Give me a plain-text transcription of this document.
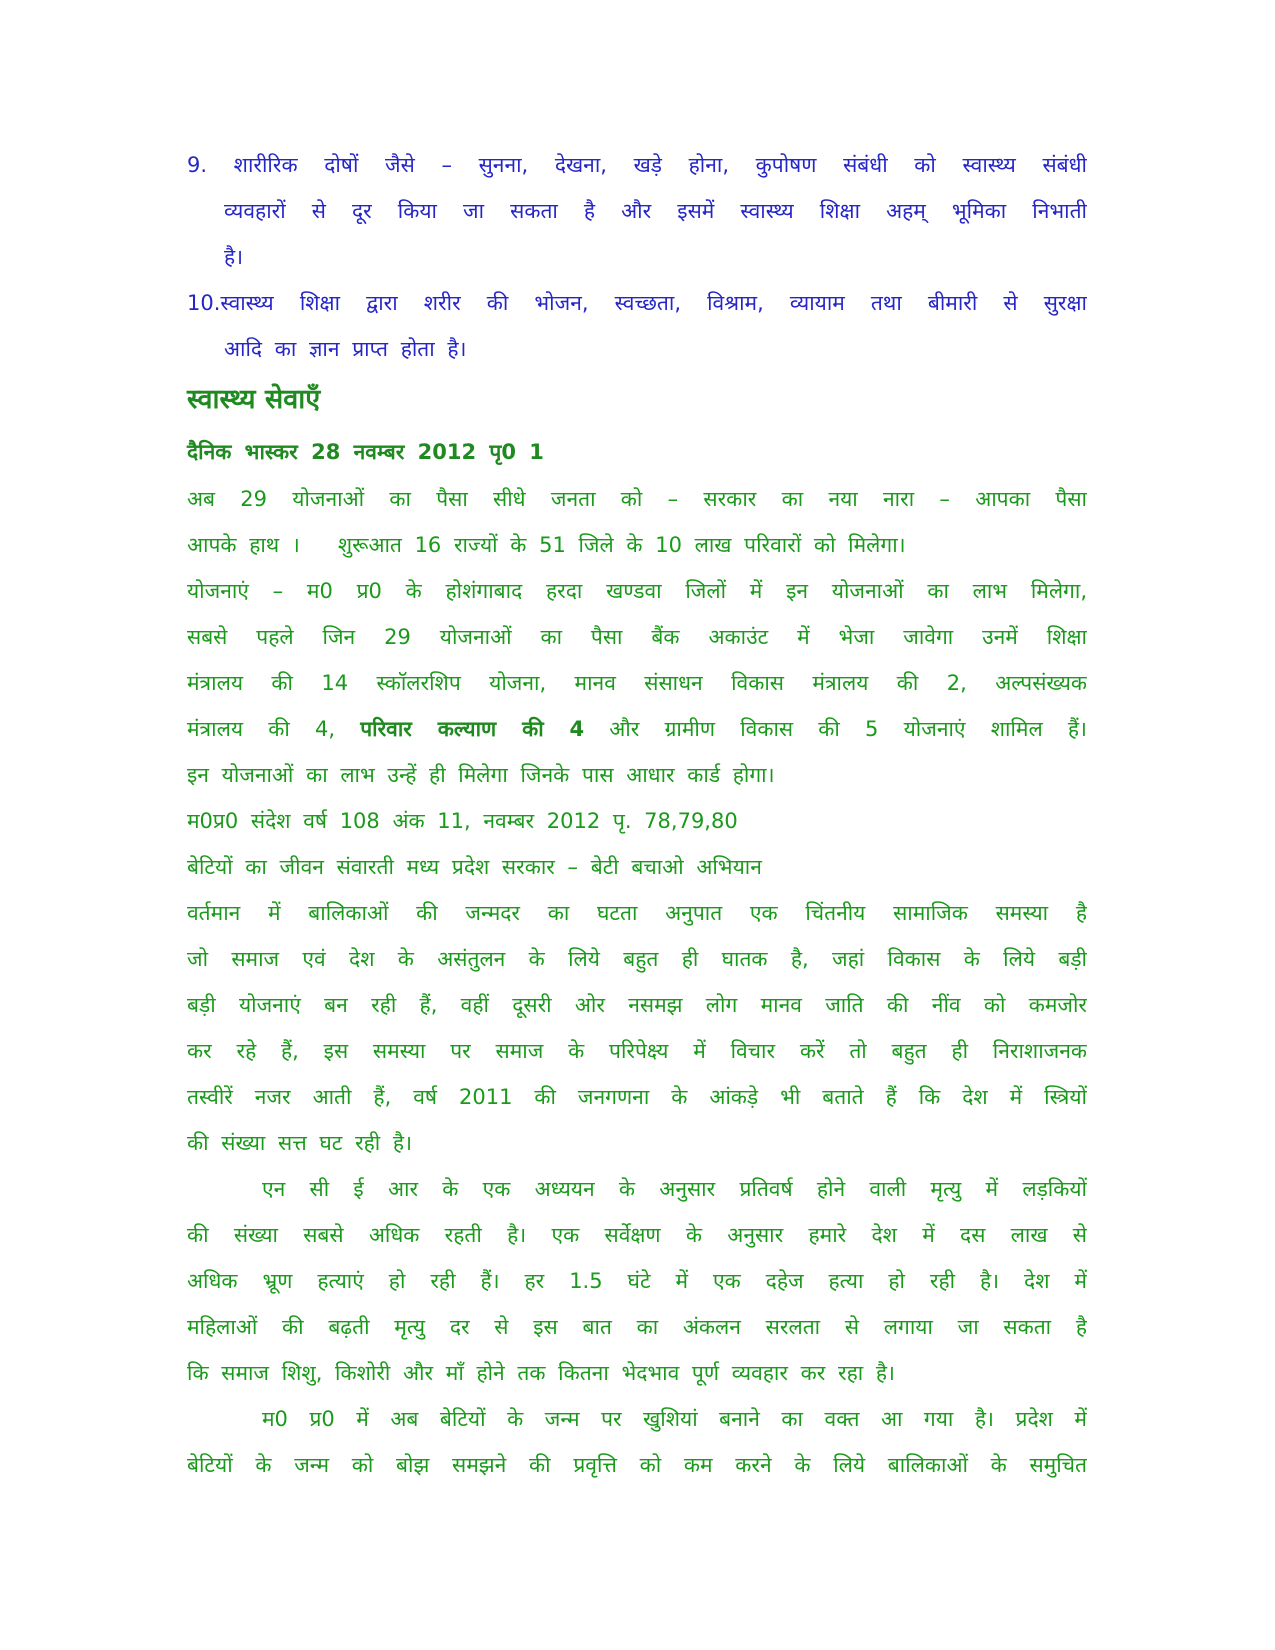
9. शारीरिक दोषों जैसे – सुनना, देखना, खड़े होना, कुपोषण संबंधी को स्वास्थ्य संबंधी
व्यवहारों से दूर किया जा सकता है और इसमें स्वास्थ्य शिक्षा अहम् भूमिका निभाती
है।
10.स्वास्थ्य शिक्षा द्वारा शरीर की भोजन, स्वच्छता, विश्राम, व्यायाम तथा बीमारी से सुरक्षा
आदि का ज्ञान प्राप्त होता है।
स्वास्थ्य सेवाएँ
दैनिक भास्कर 28 नवम्बर 2012 पृ0 1
अब 29 योजनाओं का पैसा सीधे जनता को – सरकार का नया नारा – आपका पैसा
आपके हाथ ।   शुरूआत 16 राज्यों के 51 जिले के 10 लाख परिवारों को मिलेगा।
योजनाएं – म0 प्र0 के होशंगाबाद हरदा खण्डवा जिलों में इन योजनाओं का लाभ मिलेगा,
सबसे पहले जिन 29 योजनाओं का पैसा बैंक अकाउंट में भेजा जावेगा उनमें शिक्षा
मंत्रालय की 14 स्कॉलरशिप योजना, मानव संसाधन विकास मंत्रालय की 2, अल्पसंख्यक
मंत्रालय की 4, परिवार कल्याण की 4 और ग्रामीण विकास की 5 योजनाएं शामिल हैं।
इन योजनाओं का लाभ उन्हें ही मिलेगा जिनके पास आधार कार्ड होगा।
म0प्र0 संदेश वर्ष 108 अंक 11, नवम्बर 2012 पृ. 78,79,80
बेटियों का जीवन संवारती मध्य प्रदेश सरकार – बेटी बचाओ अभियान
वर्तमान में बालिकाओं की जन्मदर का घटता अनुपात एक चिंतनीय सामाजिक समस्या है
जो समाज एवं देश के असंतुलन के लिये बहुत ही घातक है, जहां विकास के लिये बड़ी
बड़ी योजनाएं बन रही हैं, वहीं दूसरी ओर नसमझ लोग मानव जाति की नींव को कमजोर
कर रहे हैं, इस समस्या पर समाज के परिपेक्ष्य में विचार करें तो बहुत ही निराशाजनक
तस्वीरें नजर आती हैं, वर्ष 2011 की जनगणना के आंकड़े भी बताते हैं कि देश में स्त्रियों
की संख्या सत्त घट रही है।
एन सी ई आर के एक अध्ययन के अनुसार प्रतिवर्ष होने वाली मृत्यु में लड़कियों
की संख्या सबसे अधिक रहती है। एक सर्वेक्षण के अनुसार हमारे देश में दस लाख से
अधिक भ्रूण हत्याएं हो रही हैं। हर 1.5 घंटे में एक दहेज हत्या हो रही है। देश में
महिलाओं की बढ़ती मृत्यु दर से इस बात का अंकलन सरलता से लगाया जा सकता है
कि समाज शिशु, किशोरी और माँ होने तक कितना भेदभाव पूर्ण व्यवहार कर रहा है।
म0 प्र0 में अब बेटियों के जन्म पर खुशियां बनाने का वक्त आ गया है। प्रदेश में
बेटियों के जन्म को बोझ समझने की प्रवृत्ति को कम करने के लिये बालिकाओं के समुचित
